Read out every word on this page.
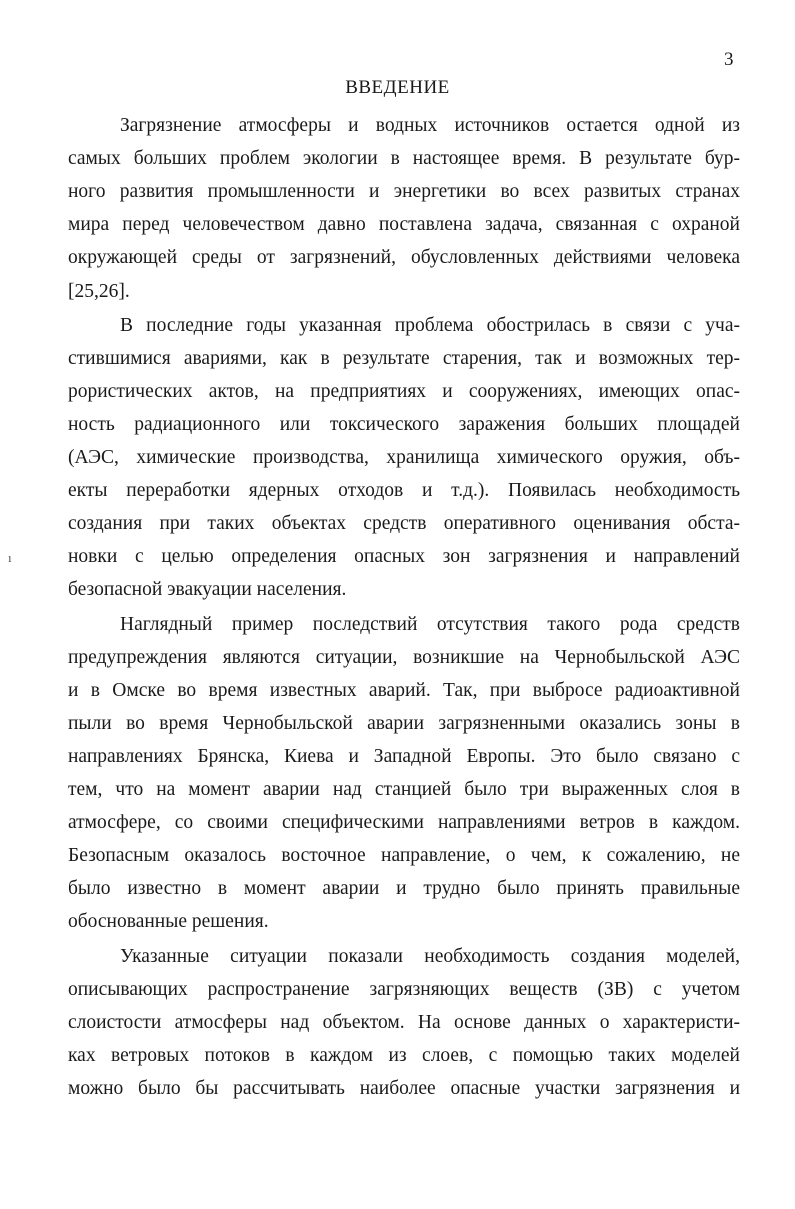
3
ВВЕДЕНИЕ
ı
Загрязнение атмосферы и водных источников остается одной из
самых больших проблем экологии в настоящее время. В результате бур-
ного развития промышленности и энергетики во всех развитых странах
мира перед человечеством давно поставлена задача, связанная с охраной
окружающей среды от загрязнений, обусловленных действиями человека
[25,26].
В последние годы указанная проблема обострилась в связи с уча-
стившимися авариями, как в результате старения, так и возможных тер-
рористических актов, на предприятиях и сооружениях, имеющих опас-
ность радиационного или токсического заражения больших площадей
(АЭС, химические производства, хранилища химического оружия, объ-
екты переработки ядерных отходов и т.д.). Появилась необходимость
создания при таких объектах средств оперативного оценивания обста-
новки с целью определения опасных зон загрязнения и направлений
безопасной эвакуации населения.
Наглядный пример последствий отсутствия такого рода средств
предупреждения являются ситуации, возникшие на Чернобыльской АЭС
и в Омске во время известных аварий. Так, при выбросе радиоактивной
пыли во время Чернобыльской аварии загрязненными оказались зоны в
направлениях Брянска, Киева и Западной Европы. Это было связано с
тем, что на момент аварии над станцией было три выраженных слоя в
атмосфере, со своими специфическими направлениями ветров в каждом.
Безопасным оказалось восточное направление, о чем, к сожалению, не
было известно в момент аварии и трудно было принять правильные
обоснованные решения.
Указанные ситуации показали необходимость создания моделей,
описывающих распространение загрязняющих веществ (ЗВ) с учетом
слоистости атмосферы над объектом. На основе данных о характеристи-
ках ветровых потоков в каждом из слоев, с помощью таких моделей
можно было бы рассчитывать наиболее опасные участки загрязнения и
